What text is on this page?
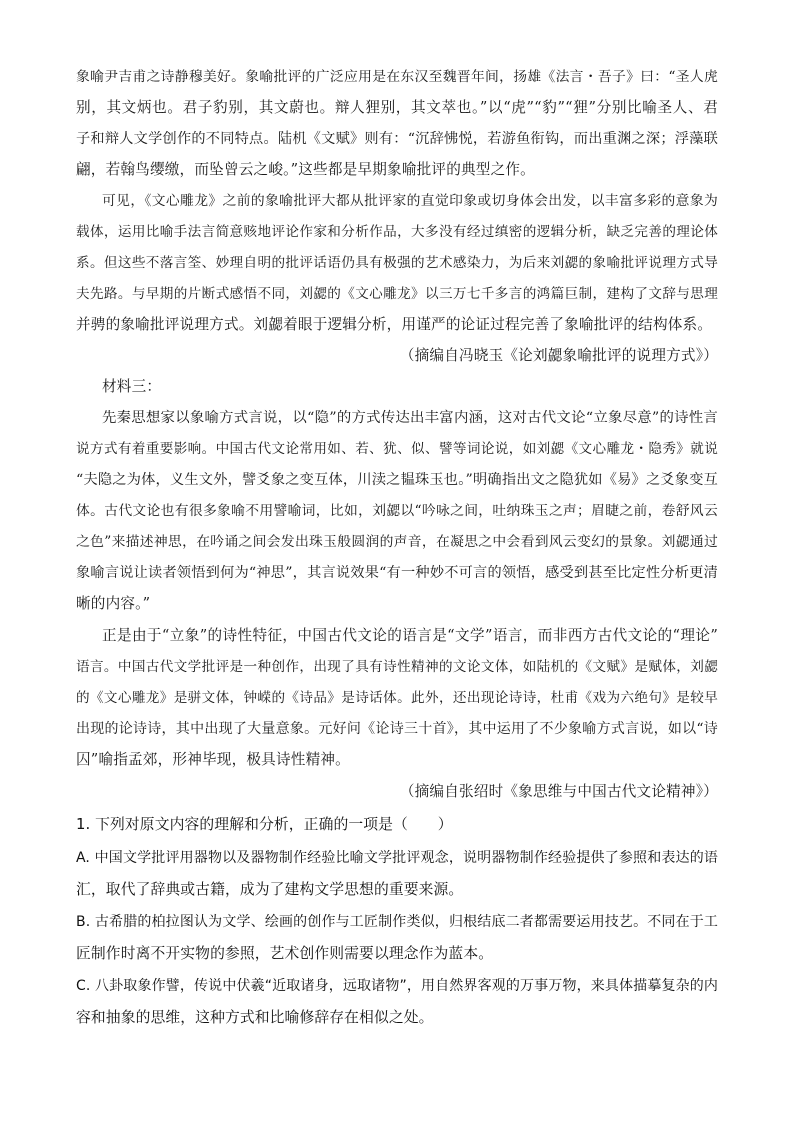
象喻尹吉甫之诗静穆美好。象喻批评的广泛应用是在东汉至魏晋年间，扬雄《法言・吾子》曰：“圣人虎
别，其文炳也。君子豹别，其文蔚也。辩人狸别，其文萃也。”以“虎”“豹”“狸”分别比喻圣人、君
子和辩人文学创作的不同特点。陆机《文赋》则有：“沉辞怫悦，若游鱼衔钩，而出重渊之深；浮藻联
翩，若翰鸟缨缴，而坠曾云之峻。”这些都是早期象喻批评的典型之作。
可见，《文心雕龙》之前的象喻批评大都从批评家的直觉印象或切身体会出发，以丰富多彩的意象为
载体，运用比喻手法言简意赅地评论作家和分析作品，大多没有经过缜密的逻辑分析，缺乏完善的理论体
系。但这些不落言筌、妙理自明的批评话语仍具有极强的艺术感染力，为后来刘勰的象喻批评说理方式导
夫先路。与早期的片断式感悟不同，刘勰的《文心雕龙》以三万七千多言的鸿篇巨制，建构了文辞与思理
并骋的象喻批评说理方式。刘勰着眼于逻辑分析，用谨严的论证过程完善了象喻批评的结构体系。
（摘编自冯晓玉《论刘勰象喻批评的说理方式》）
材料三：
先秦思想家以象喻方式言说，以“隐”的方式传达出丰富内涵，这对古代文论“立象尽意”的诗性言
说方式有着重要影响。中国古代文论常用如、若、犹、似、譬等词论说，如刘勰《文心雕龙・隐秀》就说
“夫隐之为体，义生文外，譬爻象之变互体，川渎之韫珠玉也。”明确指出文之隐犹如《易》之爻象变互
体。古代文论也有很多象喻不用譬喻词，比如，刘勰以“吟咏之间，吐纳珠玉之声；眉睫之前，卷舒风云
之色”来描述神思，在吟诵之间会发出珠玉般圆润的声音，在凝思之中会看到风云变幻的景象。刘勰通过
象喻言说让读者领悟到何为“神思”，其言说效果“有一种妙不可言的领悟，感受到甚至比定性分析更清
晰的内容。”
正是由于“立象”的诗性特征，中国古代文论的语言是“文学”语言，而非西方古代文论的“理论”
语言。中国古代文学批评是一种创作，出现了具有诗性精神的文论文体，如陆机的《文赋》是赋体，刘勰
的《文心雕龙》是骈文体，钟嵘的《诗品》是诗话体。此外，还出现论诗诗，杜甫《戏为六绝句》是较早
出现的论诗诗，其中出现了大量意象。元好问《论诗三十首》，其中运用了不少象喻方式言说，如以“诗
囚”喻指孟郊，形神毕现，极具诗性精神。
（摘编自张绍时《象思维与中国古代文论精神》）
1. 下列对原文内容的理解和分析，正确的一项是（　　）
A. 中国文学批评用器物以及器物制作经验比喻文学批评观念，说明器物制作经验提供了参照和表达的语
汇，取代了辞典或古籍，成为了建构文学思想的重要来源。
B. 古希腊的柏拉图认为文学、绘画的创作与工匠制作类似，归根结底二者都需要运用技艺。不同在于工
匠制作时离不开实物的参照，艺术创作则需要以理念作为蓝本。
C. 八卦取象作譬，传说中伏羲“近取诸身，远取诸物”，用自然界客观的万事万物，来具体描摹复杂的内
容和抽象的思维，这种方式和比喻修辞存在相似之处。
